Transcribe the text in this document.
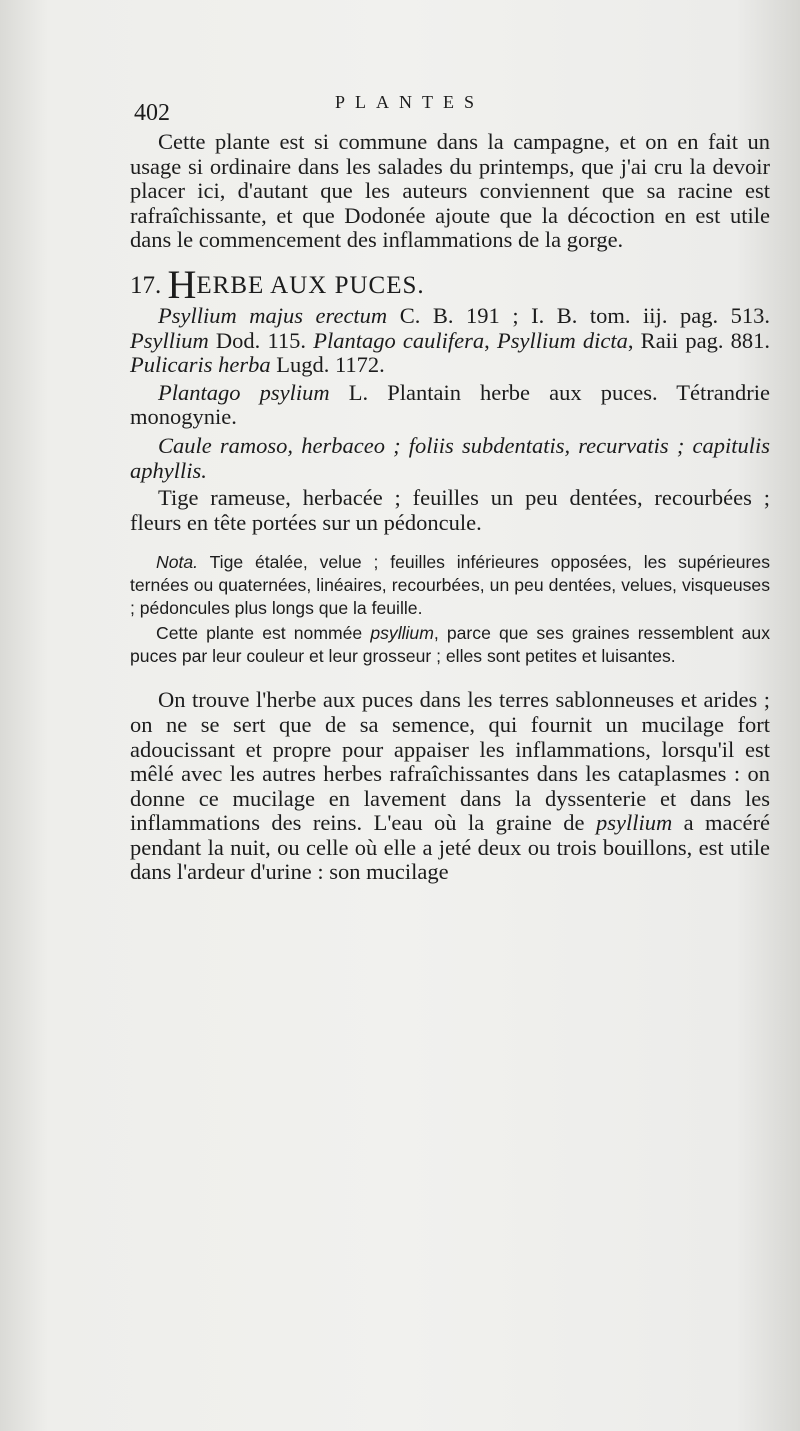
402	PLANTES

Cette plante est si commune dans la campagne, et on en fait un usage si ordinaire dans les salades du printemps, que j'ai cru la devoir placer ici, d'autant que les auteurs conviennent que sa racine est rafraîchissante, et que Dodonée ajoute que la décoction en est utile dans le commencement des inflammations de la gorge.

17. HERBE AUX PUCES.

Psyllium majus erectum C. B. 191 ; I. B. tom. iij. pag. 513. Psyllium Dod. 115. Plantago caulifera, Psyllium dicta, Raii pag. 881. Pulicaris herba Lugd. 1172.

Plantago psylium L. Plantain herbe aux puces. Tétrandrie monogynie.

Caule ramoso, herbaceo ; foliis subdentatis, recurvatis ; capitulis aphyllis.

Tige rameuse, herbacée ; feuilles un peu dentées, recourbées ; fleurs en tête portées sur un pédoncule.

Nota. Tige étalée, velue ; feuilles inférieures opposées, les supérieures ternées ou quaternées, linéaires, recourbées, un peu dentées, velues, visqueuses ; pédoncules plus longs que la feuille.

Cette plante est nommée psyllium, parce que ses graines ressemblent aux puces par leur couleur et leur grosseur ; elles sont petites et luisantes.

On trouve l'herbe aux puces dans les terres sablonneuses et arides ; on ne se sert que de sa semence, qui fournit un mucilage fort adoucissant et propre pour appaiser les inflammations, lorsqu'il est mêlé avec les autres herbes rafraîchissantes dans les cataplasmes : on donne ce mucilage en lavement dans la dyssenterie et dans les inflammations des reins. L'eau où la graine de psyllium a macéré pendant la nuit, ou celle où elle a jeté deux ou trois bouillons, est utile dans l'ardeur d'urine : son mucilage
